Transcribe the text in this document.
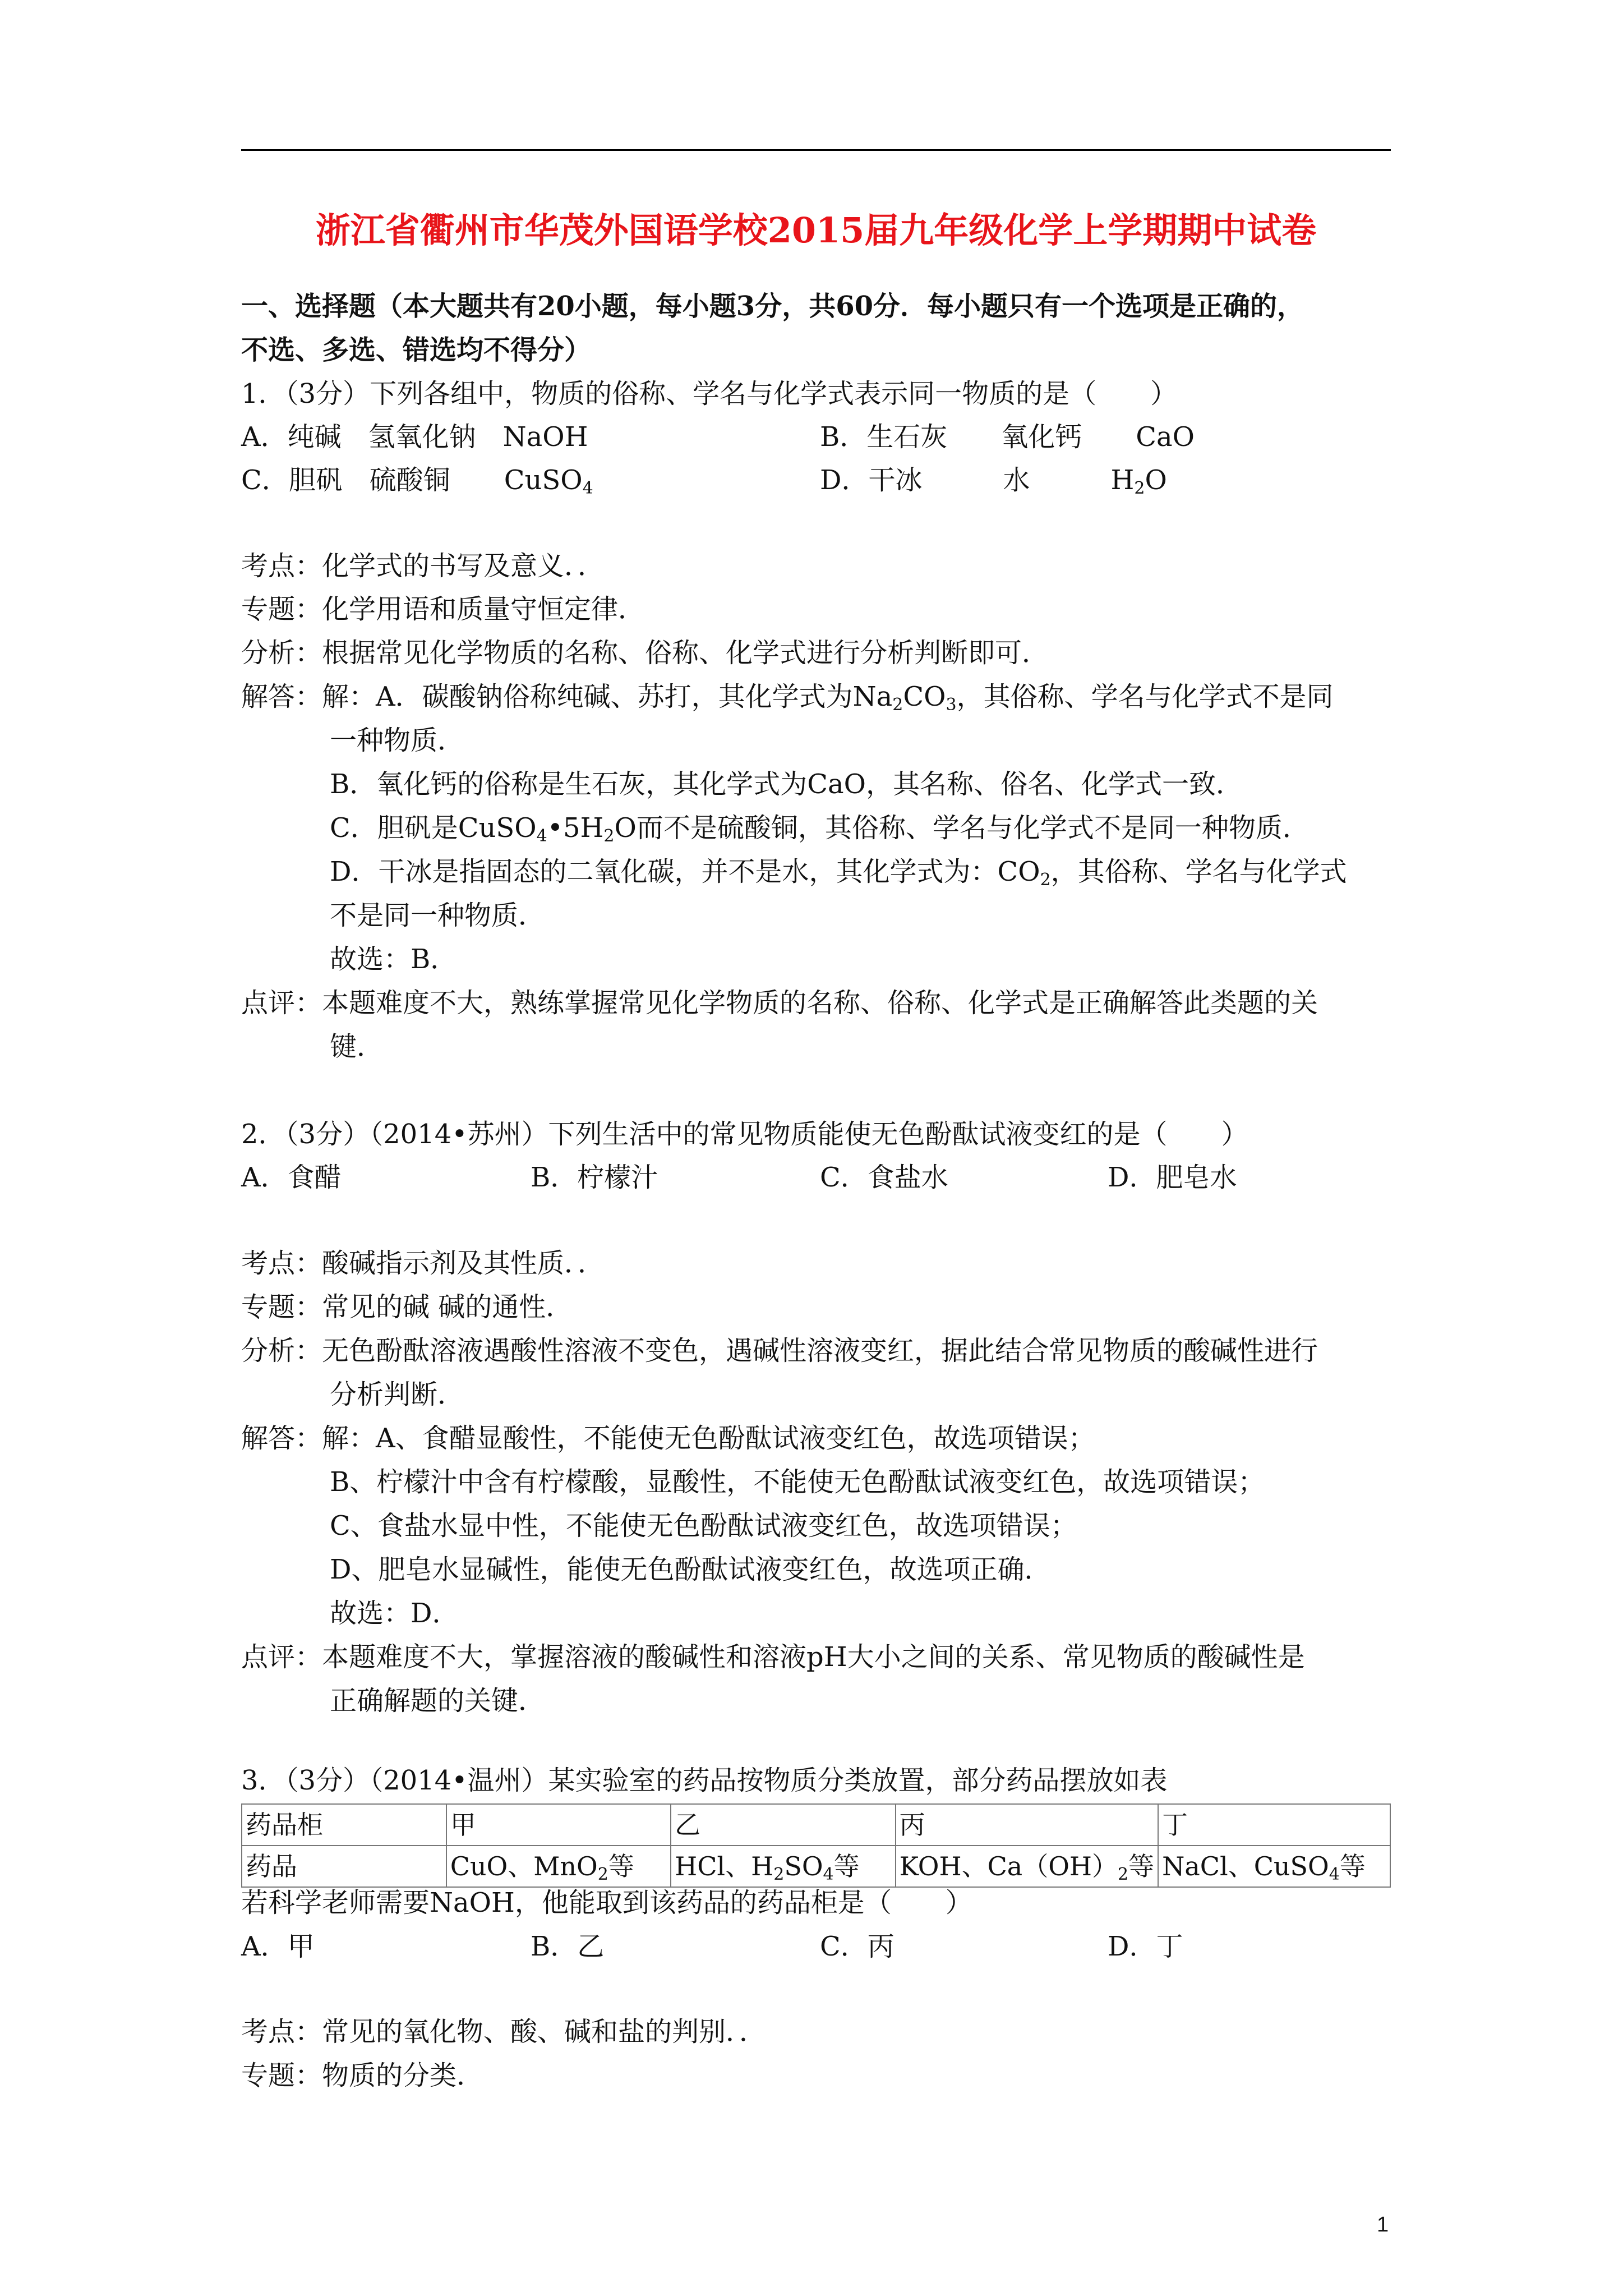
浙江省衢州市华茂外国语学校2015届九年级化学上学期期中试卷
一、选择题（本大题共有20小题，每小题3分，共60分．每小题只有一个选项是正确的，
不选、多选、错选均不得分）
1．（3分）下列各组中，物质的俗称、学名与化学式表示同一物质的是（　　）
A．纯碱　氢氧化钠　NaOH	B．生石灰　　氧化钙　　CaO
C．胆矾　硫酸铜　　CuSO$_4$	D．干冰　　　水　　　$H_2O$
考点：化学式的书写及意义．．
专题：化学用语和质量守恒定律．
分析：根据常见化学物质的名称、俗称、化学式进行分析判断即可．
解答：解：A．碳酸钠俗称纯碱、苏打，其化学式为$Na_2CO_3$，其俗称、学名与化学式不是同
一种物质．
B．氧化钙的俗称是生石灰，其化学式为CaO，其名称、俗名、化学式一致．
C．胆矾是$CuSO_4•5H_2O$而不是硫酸铜，其俗称、学名与化学式不是同一种物质．
D．干冰是指固态的二氧化碳，并不是水，其化学式为：$CO_2$，其俗称、学名与化学式
不是同一种物质．
故选：B．
点评：本题难度不大，熟练掌握常见化学物质的名称、俗称、化学式是正确解答此类题的关
键．
2．（3分）（2014•苏州）下列生活中的常见物质能使无色酚酞试液变红的是（　　）
A．食醋	B．柠檬汁	C．食盐水	D．肥皂水
考点：酸碱指示剂及其性质．．
专题：常见的碱 碱的通性．
分析：无色酚酞溶液遇酸性溶液不变色，遇碱性溶液变红，据此结合常见物质的酸碱性进行
分析判断．
解答：解：A、食醋显酸性，不能使无色酚酞试液变红色，故选项错误；
B、柠檬汁中含有柠檬酸，显酸性，不能使无色酚酞试液变红色，故选项错误；
C、食盐水显中性，不能使无色酚酞试液变红色，故选项错误；
D、肥皂水显碱性，能使无色酚酞试液变红色，故选项正确．
故选：D．
点评：本题难度不大，掌握溶液的酸碱性和溶液pH大小之间的关系、常见物质的酸碱性是
正确解题的关键．
3．（3分）（2014•温州）某实验室的药品按物质分类放置，部分药品摆放如表
药品柜	甲	乙	丙	丁
药品	CuO、MnO$_2$等	HCl、$H_2SO_4$等	KOH、$Ca(OH)_2$等	NaCl、CuSO$_4$等
若科学老师需要NaOH，他能取到该药品的药品柜是（　　）
A．甲	B．乙	C．丙	D．丁
考点：常见的氧化物、酸、碱和盐的判别．．
专题：物质的分类．
1
